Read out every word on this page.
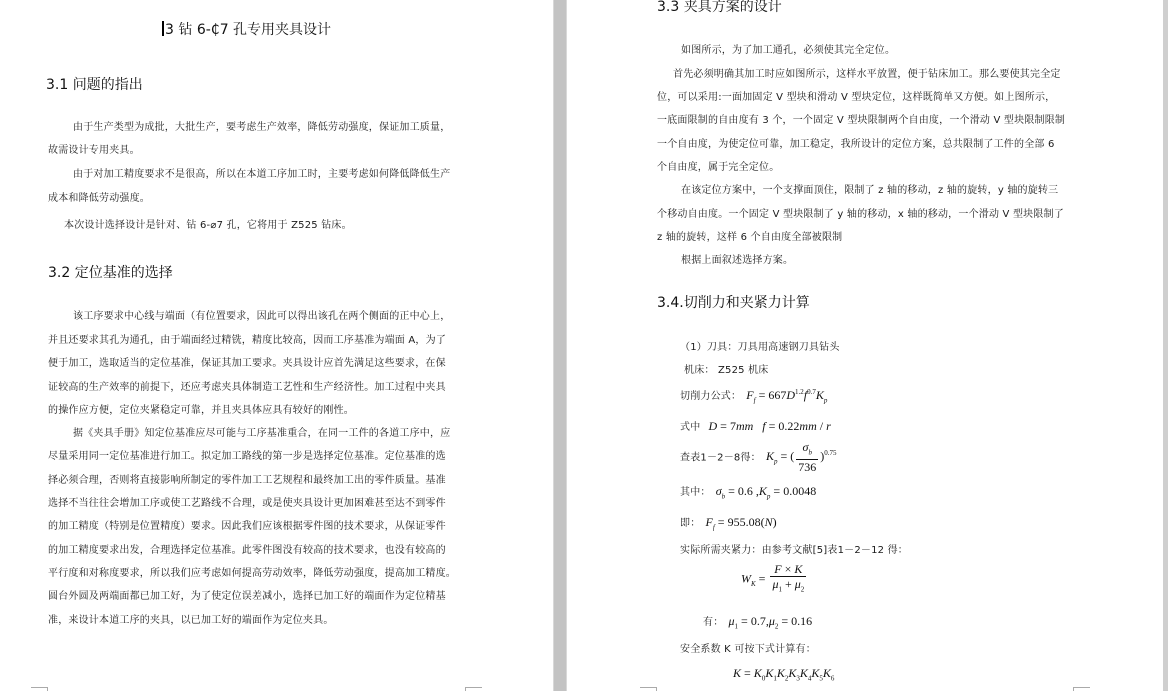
3 钻 6-₵7 孔专用夹具设计
3.1 问题的指出
由于生产类型为成批，大批生产，要考虑生产效率，降低劳动强度，保证加工质量，
故需设计专用夹具。
由于对加工精度要求不是很高，所以在本道工序加工时，主要考虑如何降低降低生产
成本和降低劳动强度。
本次设计选择设计是针对、钻 6-⌀7 孔，它将用于 Z525 钻床。
3.2 定位基准的选择
该工序要求中心线与端面（有位置要求，因此可以得出该孔在两个侧面的正中心上，
并且还要求其孔为通孔，由于端面经过精铣，精度比较高，因而工序基准为端面 A，为了
便于加工，选取适当的定位基准，保证其加工要求。夹具设计应首先满足这些要求，在保
证较高的生产效率的前提下，还应考虑夹具体制造工艺性和生产经济性。加工过程中夹具
的操作应方便，定位夹紧稳定可靠，并且夹具体应具有较好的刚性。
据《夹具手册》知定位基准应尽可能与工序基准重合，在同一工件的各道工序中，应
尽量采用同一定位基准进行加工。拟定加工路线的第一步是选择定位基准。定位基准的选
择必须合理，否则将直接影响所制定的零件加工工艺规程和最终加工出的零件质量。基准
选择不当往往会增加工序或使工艺路线不合理，或是使夹具设计更加困难甚至达不到零件
的加工精度（特别是位置精度）要求。因此我们应该根据零件图的技术要求，从保证零件
的加工精度要求出发，合理选择定位基准。此零件图没有较高的技术要求，也没有较高的
平行度和对称度要求，所以我们应考虑如何提高劳动效率，降低劳动强度，提高加工精度。
圆台外圆及两端面都已加工好，为了使定位误差减小，选择已加工好的端面作为定位精基
准，来设计本道工序的夹具，以已加工好的端面作为定位夹具。
3.3 夹具方案的设计
如图所示，为了加工通孔，必须使其完全定位。
首先必须明确其加工时应如图所示，这样水平放置，便于钻床加工。那么要使其完全定
位，可以采用:一面加固定 V 型块和滑动 V 型块定位，这样既简单又方便。如上图所示，
一底面限制的自由度有 3 个，一个固定 V 型块限制两个自由度，一个滑动 V 型块限制限制
一个自由度，为使定位可靠，加工稳定，我所设计的定位方案，总共限制了工件的全部 6
个自由度，属于完全定位。
在该定位方案中，一个支撑面顶住，限制了 z 轴的移动，z 轴的旋转，y 轴的旋转三
个移动自由度。一个固定 V 型块限制了 y 轴的移动，x 轴的移动，一个滑动 V 型块限制了
z 轴的旋转，这样 6 个自由度全部被限制
根据上面叙述选择方案。
3.4.切削力和夹紧力计算
（1）刀具：刀具用高速钢刀具钻头
机床： Z525 机床
切削力公式： $F_f = 667D^{1.2}f^{0.7}K_p$
式中 D = 7mm f = 0.22mm / r
查表1－2－8得： $K_p$ = ( $\frac{\sigma_b}{736} )^{0.75}$
其中： $\sigma_b = 0.6$ $,K_p = 0.0048$
即： $F_f = 955.08(N)$
实际所需夹紧力：由参考文献[5]表1－2－12 得：
$W_K = \frac{F \times K}{\mu_1 + \mu_2}$
有： $\mu_1 = 0.7,\mu_2 = 0.16$
安全系数 K 可按下式计算有：
$K = K_0K_1K_2K_3K_4K_5K_6$
